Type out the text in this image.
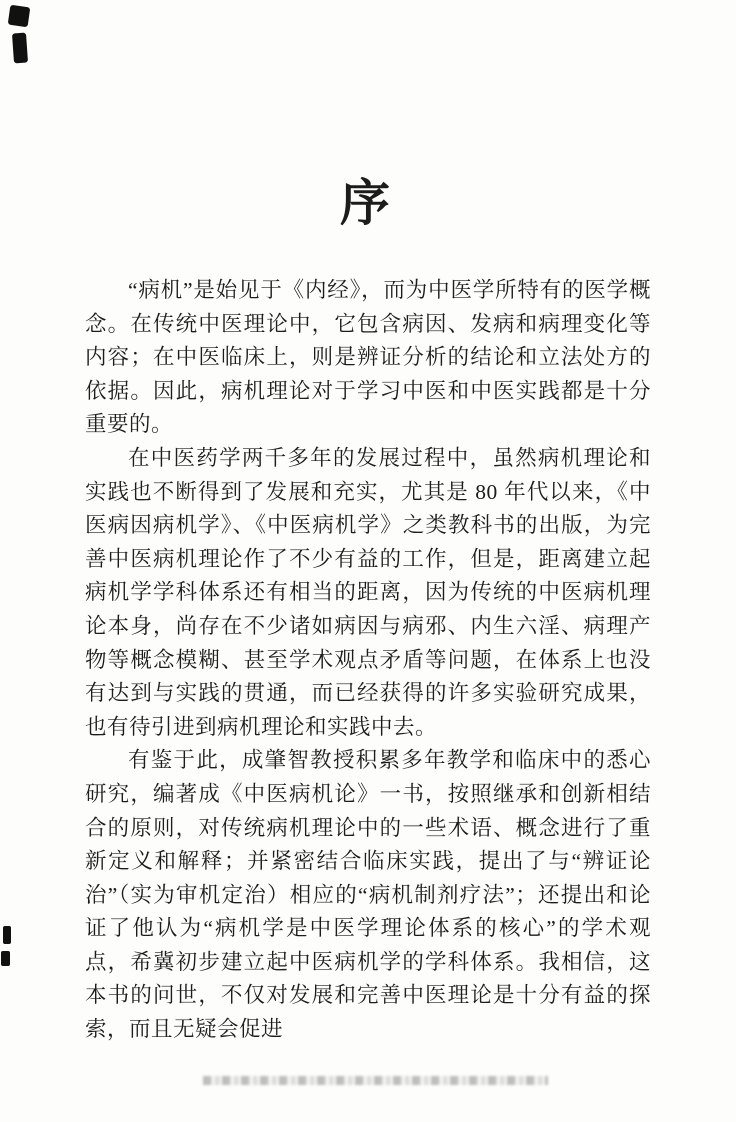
序

“病机”是始见于《内经》，而为中医学所特有的医学概念。在传统中医理论中，它包含病因、发病和病理变化等内容；在中医临床上，则是辨证分析的结论和立法处方的依据。因此，病机理论对于学习中医和中医实践都是十分重要的。

在中医药学两千多年的发展过程中，虽然病机理论和实践也不断得到了发展和充实，尤其是 80 年代以来，《中医病因病机学》、《中医病机学》之类教科书的出版，为完善中医病机理论作了不少有益的工作，但是，距离建立起病机学学科体系还有相当的距离，因为传统的中医病机理论本身，尚存在不少诸如病因与病邪、内生六淫、病理产物等概念模糊、甚至学术观点矛盾等问题，在体系上也没有达到与实践的贯通，而已经获得的许多实验研究成果，也有待引进到病机理论和实践中去。

有鉴于此，成肇智教授积累多年教学和临床中的悉心研究，编著成《中医病机论》一书，按照继承和创新相结合的原则，对传统病机理论中的一些术语、概念进行了重新定义和解释；并紧密结合临床实践，提出了与“辨证论治”（实为审机定治）相应的“病机制剂疗法”；还提出和论证了他认为“病机学是中医学理论体系的核心”的学术观点，希冀初步建立起中医病机学的学科体系。我相信，这本书的问世，不仅对发展和完善中医理论是十分有益的探索，而且无疑会促进
